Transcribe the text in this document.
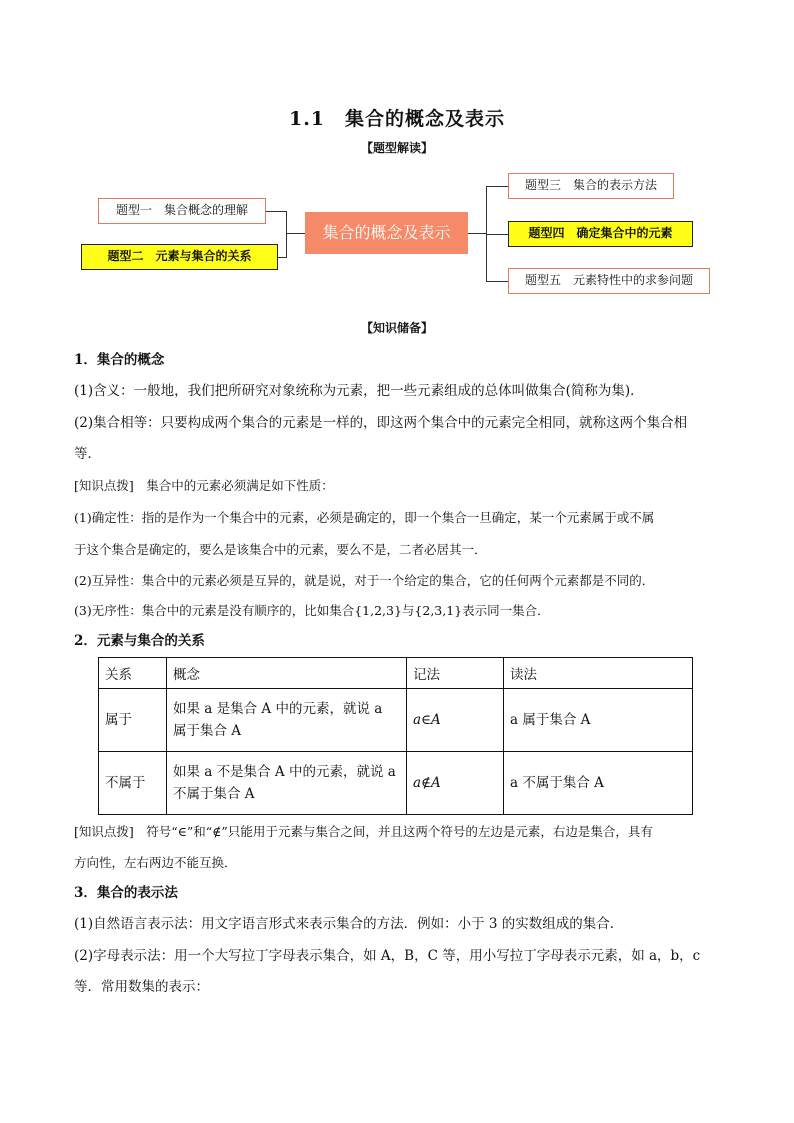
1.1　集合的概念及表示
【题型解读】
题型一　集合概念的理解
题型二　元素与集合的关系
集合的概念及表示
题型三　集合的表示方法
题型四　确定集合中的元素
题型五　元素特性中的求参问题
【知识储备】
1．集合的概念
(1)含义：一般地，我们把所研究对象统称为元素，把一些元素组成的总体叫做集合(简称为集)．
(2)集合相等：只要构成两个集合的元素是一样的，即这两个集合中的元素完全相同，就称这两个集合相
等．
[知识点拨]　集合中的元素必须满足如下性质：
(1)确定性：指的是作为一个集合中的元素，必须是确定的，即一个集合一旦确定，某一个元素属于或不属
于这个集合是确定的，要么是该集合中的元素，要么不是，二者必居其一．
(2)互异性：集合中的元素必须是互异的，就是说，对于一个给定的集合，它的任何两个元素都是不同的．
(3)无序性：集合中的元素是没有顺序的，比如集合{1,2,3}与{2,3,1}表示同一集合．
2．元素与集合的关系
关系	概念	记法	读法
属于	如果 a 是集合 A 中的元素，就说 a 属于集合 A	a∈A	a 属于集合 A
不属于	如果 a 不是集合 A 中的元素，就说 a 不属于集合 A	a∉A	a 不属于集合 A
[知识点拨]　符号“∈”和“∉”只能用于元素与集合之间，并且这两个符号的左边是元素，右边是集合，具有
方向性，左右两边不能互换．
3．集合的表示法
(1)自然语言表示法：用文字语言形式来表示集合的方法．例如：小于 3 的实数组成的集合．
(2)字母表示法：用一个大写拉丁字母表示集合，如 A，B，C 等，用小写拉丁字母表示元素，如 a，b，c
等．常用数集的表示：
